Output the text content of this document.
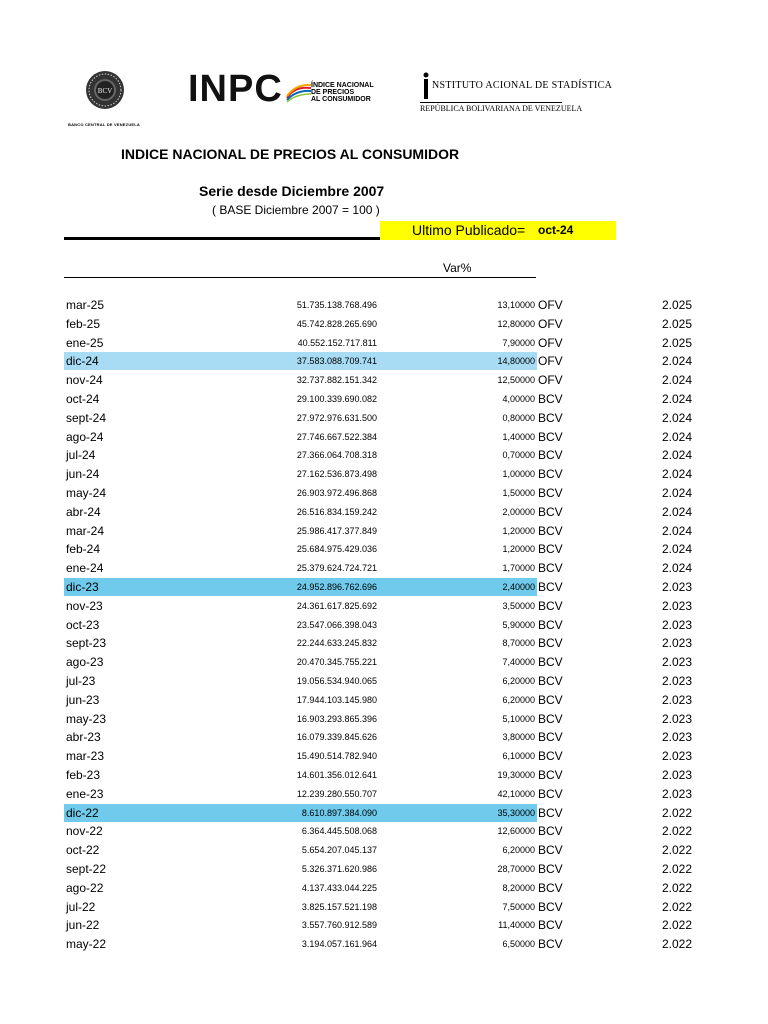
BCV
BANCO CENTRAL DE VENEZUELA
INPC	ÍNDICE NACIONAL
DE PRECIOS
AL CONSUMIDOR
NSTITUTO ACIONAL DE STADÍSTICA
REPÚBLICA BOLIVARIANA DE VENEZUELA
INDICE NACIONAL DE PRECIOS AL CONSUMIDOR
Serie desde Diciembre 2007
( BASE Diciembre 2007 = 100 )
Ultimo Publicado= oct-24
Var%
mar-25	51.735.138.768.496	13,10000 OFV	2.025
feb-25	45.742.828.265.690	12,80000 OFV	2.025
ene-25	40.552.152.717.811	7,90000 OFV	2.025
dic-24	37.583.088.709.741	14,80000 OFV	2.024
nov-24	32.737.882.151.342	12,50000 OFV	2.024
oct-24	29.100.339.690.082	4,00000 BCV	2.024
sept-24	27.972.976.631.500	0,80000 BCV	2.024
ago-24	27.746.667.522.384	1,40000 BCV	2.024
jul-24	27.366.064.708.318	0,70000 BCV	2.024
jun-24	27.162.536.873.498	1,00000 BCV	2.024
may-24	26.903.972.496.868	1,50000 BCV	2.024
abr-24	26.516.834.159.242	2,00000 BCV	2.024
mar-24	25.986.417.377.849	1,20000 BCV	2.024
feb-24	25.684.975.429.036	1,20000 BCV	2.024
ene-24	25.379.624.724.721	1,70000 BCV	2.024
dic-23	24.952.896.762.696	2,40000 BCV	2.023
nov-23	24.361.617.825.692	3,50000 BCV	2.023
oct-23	23.547.066.398.043	5,90000 BCV	2.023
sept-23	22.244.633.245.832	8,70000 BCV	2.023
ago-23	20.470.345.755.221	7,40000 BCV	2.023
jul-23	19.056.534.940.065	6,20000 BCV	2.023
jun-23	17.944.103.145.980	6,20000 BCV	2.023
may-23	16.903.293.865.396	5,10000 BCV	2.023
abr-23	16.079.339.845.626	3,80000 BCV	2.023
mar-23	15.490.514.782.940	6,10000 BCV	2.023
feb-23	14.601.356.012.641	19,30000 BCV	2.023
ene-23	12.239.280.550.707	42,10000 BCV	2.023
dic-22	8.610.897.384.090	35,30000 BCV	2.022
nov-22	6.364.445.508.068	12,60000 BCV	2.022
oct-22	5.654.207.045.137	6,20000 BCV	2.022
sept-22	5.326.371.620.986	28,70000 BCV	2.022
ago-22	4.137.433.044.225	8,20000 BCV	2.022
jul-22	3.825.157.521.198	7,50000 BCV	2.022
jun-22	3.557.760.912.589	11,40000 BCV	2.022
may-22	3.194.057.161.964	6,50000 BCV	2.022
